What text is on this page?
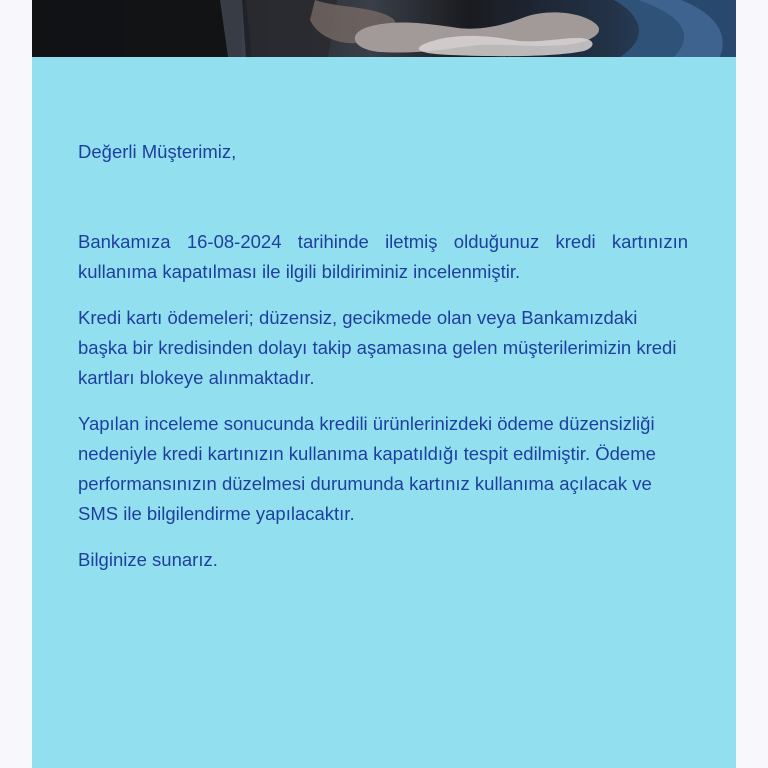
Değerli Müşterimiz,

Bankamıza 16-08-2024 tarihinde iletmiş olduğunuz kredi kartınızın kullanıma kapatılması ile ilgili bildiriminiz incelenmiştir.

Kredi kartı ödemeleri; düzensiz, gecikmede olan veya Bankamızdaki başka bir kredisinden dolayı takip aşamasına gelen müşterilerimizin kredi kartları blokeye alınmaktadır.

Yapılan inceleme sonucunda kredili ürünlerinizdeki ödeme düzensizliği nedeniyle kredi kartınızın kullanıma kapatıldığı tespit edilmiştir. Ödeme performansınızın düzelmesi durumunda kartınız kullanıma açılacak ve SMS ile bilgilendirme yapılacaktır.

Bilginize sunarız.
